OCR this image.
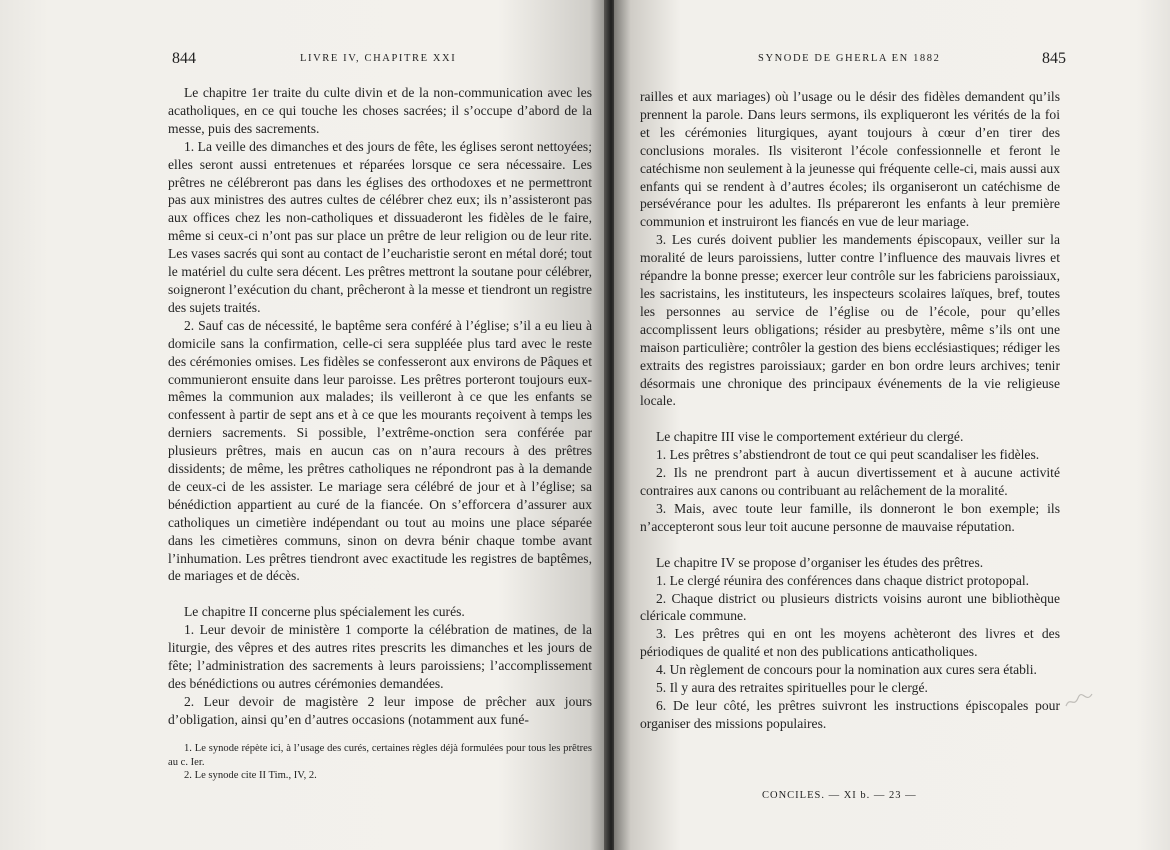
844	LIVRE IV, CHAPITRE XXI

Le chapitre 1er traite du culte divin et de la non-communication avec les acatholiques, en ce qui touche les choses sacrées; il s’occupe d’abord de la messe, puis des sacrements.

1. La veille des dimanches et des jours de fête, les églises seront nettoyées; elles seront aussi entretenues et réparées lorsque ce sera nécessaire. Les prêtres ne célébreront pas dans les églises des orthodoxes et ne permettront pas aux ministres des autres cultes de célébrer chez eux; ils n’assisteront pas aux offices chez les non-catholiques et dissuaderont les fidèles de le faire, même si ceux-ci n’ont pas sur place un prêtre de leur religion ou de leur rite. Les vases sacrés qui sont au contact de l’eucharistie seront en métal doré; tout le matériel du culte sera décent. Les prêtres mettront la soutane pour célébrer, soigneront l’exécution du chant, prêcheront à la messe et tiendront un registre des sujets traités.

2. Sauf cas de nécessité, le baptême sera conféré à l’église; s’il a eu lieu à domicile sans la confirmation, celle-ci sera suppléée plus tard avec le reste des cérémonies omises. Les fidèles se confesseront aux environs de Pâques et communieront ensuite dans leur paroisse. Les prêtres porteront toujours eux-mêmes la communion aux malades; ils veilleront à ce que les enfants se confessent à partir de sept ans et à ce que les mourants reçoivent à temps les derniers sacrements. Si possible, l’extrême-onction sera conférée par plusieurs prêtres, mais en aucun cas on n’aura recours à des prêtres dissidents; de même, les prêtres catholiques ne répondront pas à la demande de ceux-ci de les assister. Le mariage sera célébré de jour et à l’église; sa bénédiction appartient au curé de la fiancée. On s’efforcera d’assurer aux catholiques un cimetière indépendant ou tout au moins une place séparée dans les cimetières communs, sinon on devra bénir chaque tombe avant l’inhumation. Les prêtres tiendront avec exactitude les registres de baptêmes, de mariages et de décès.

Le chapitre II concerne plus spécialement les curés.

1. Leur devoir de ministère 1 comporte la célébration de matines, de la liturgie, des vêpres et des autres rites prescrits les dimanches et les jours de fête; l’administration des sacrements à leurs paroissiens; l’accomplissement des bénédictions ou autres cérémonies demandées.

2. Leur devoir de magistère 2 leur impose de prêcher aux jours d’obligation, ainsi qu’en d’autres occasions (notamment aux funé-

1. Le synode répète ici, à l’usage des curés, certaines règles déjà formulées pour tous les prêtres au c. Ier.

2. Le synode cite II Tim., IV, 2.

SYNODE DE GHERLA EN 1882	845

railles et aux mariages) où l’usage ou le désir des fidèles demandent qu’ils prennent la parole. Dans leurs sermons, ils expliqueront les vérités de la foi et les cérémonies liturgiques, ayant toujours à cœur d’en tirer des conclusions morales. Ils visiteront l’école confessionnelle et feront le catéchisme non seulement à la jeunesse qui fréquente celle-ci, mais aussi aux enfants qui se rendent à d’autres écoles; ils organiseront un catéchisme de persévérance pour les adultes. Ils prépareront les enfants à leur première communion et instruiront les fiancés en vue de leur mariage.

3. Les curés doivent publier les mandements épiscopaux, veiller sur la moralité de leurs paroissiens, lutter contre l’influence des mauvais livres et répandre la bonne presse; exercer leur contrôle sur les fabriciens paroissiaux, les sacristains, les instituteurs, les inspecteurs scolaires laïques, bref, toutes les personnes au service de l’église ou de l’école, pour qu’elles accomplissent leurs obligations; résider au presbytère, même s’ils ont une maison particulière; contrôler la gestion des biens ecclésiastiques; rédiger les extraits des registres paroissiaux; garder en bon ordre leurs archives; tenir désormais une chronique des principaux événements de la vie religieuse locale.

Le chapitre III vise le comportement extérieur du clergé.

1. Les prêtres s’abstiendront de tout ce qui peut scandaliser les fidèles.

2. Ils ne prendront part à aucun divertissement et à aucune activité contraires aux canons ou contribuant au relâchement de la moralité.

3. Mais, avec toute leur famille, ils donneront le bon exemple; ils n’accepteront sous leur toit aucune personne de mauvaise réputation.

Le chapitre IV se propose d’organiser les études des prêtres.

1. Le clergé réunira des conférences dans chaque district protopopal.

2. Chaque district ou plusieurs districts voisins auront une bibliothèque cléricale commune.

3. Les prêtres qui en ont les moyens achèteront des livres et des périodiques de qualité et non des publications anticatholiques.

4. Un règlement de concours pour la nomination aux cures sera établi.

5. Il y aura des retraites spirituelles pour le clergé.

6. De leur côté, les prêtres suivront les instructions épiscopales pour organiser des missions populaires.

CONCILES. — XI b. — 23 —
